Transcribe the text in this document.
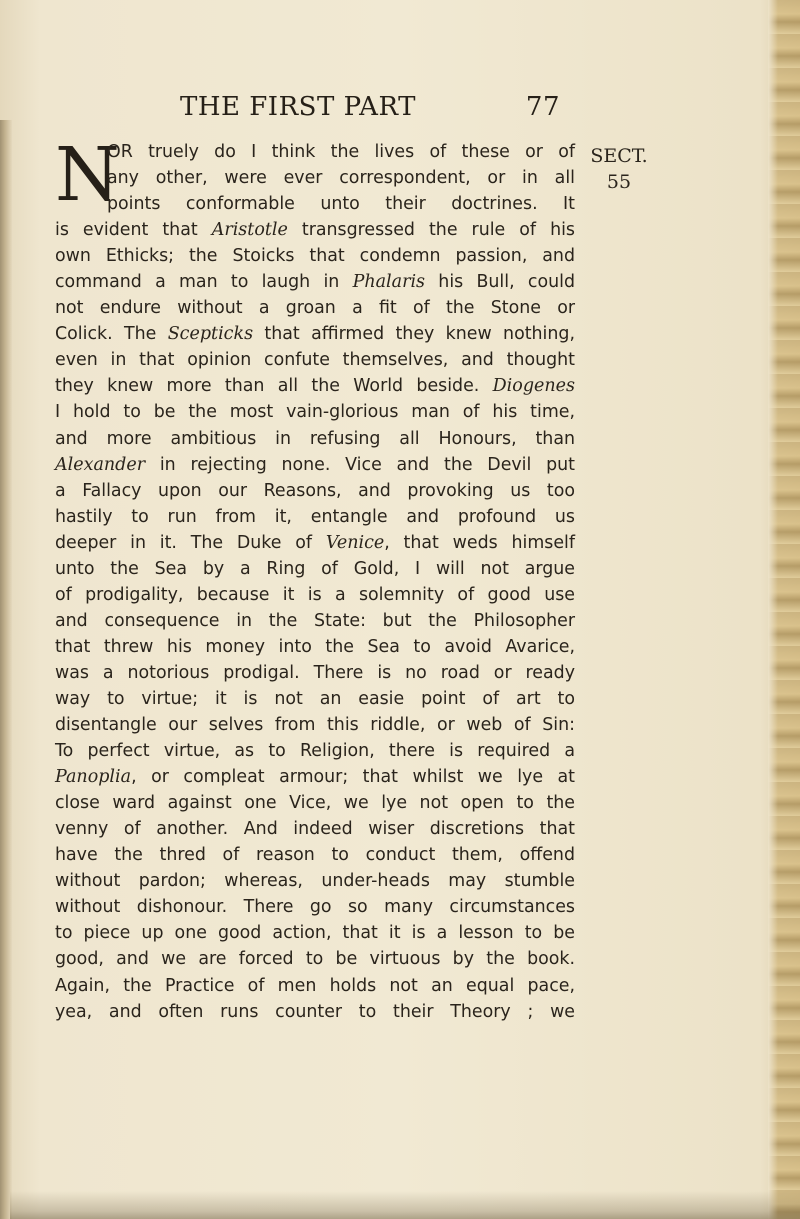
THE FIRST PART	77
SECT.
55
N
OR truely do I think the lives of these or of
any other, were ever correspondent, or in all
points conformable unto their doctrines. It
is evident that Aristotle transgressed the rule of his
own Ethicks; the Stoicks that condemn passion, and
command a man to laugh in Phalaris his Bull, could
not endure without a groan a fit of the Stone or
Colick. The Scepticks that affirmed they knew nothing,
even in that opinion confute themselves, and thought
they knew more than all the World beside. Diogenes
I hold to be the most vain-glorious man of his time,
and more ambitious in refusing all Honours, than
Alexander in rejecting none. Vice and the Devil put
a Fallacy upon our Reasons, and provoking us too
hastily to run from it, entangle and profound us
deeper in it. The Duke of Venice, that weds himself
unto the Sea by a Ring of Gold, I will not argue
of prodigality, because it is a solemnity of good use
and consequence in the State: but the Philosopher
that threw his money into the Sea to avoid Avarice,
was a notorious prodigal. There is no road or ready
way to virtue; it is not an easie point of art to
disentangle our selves from this riddle, or web of Sin:
To perfect virtue, as to Religion, there is required a
Panoplia, or compleat armour; that whilst we lye at
close ward against one Vice, we lye not open to the
venny of another. And indeed wiser discretions that
have the thred of reason to conduct them, offend
without pardon; whereas, under-heads may stumble
without dishonour. There go so many circumstances
to piece up one good action, that it is a lesson to be
good, and we are forced to be virtuous by the book.
Again, the Practice of men holds not an equal pace,
yea, and often runs counter to their Theory ; we
